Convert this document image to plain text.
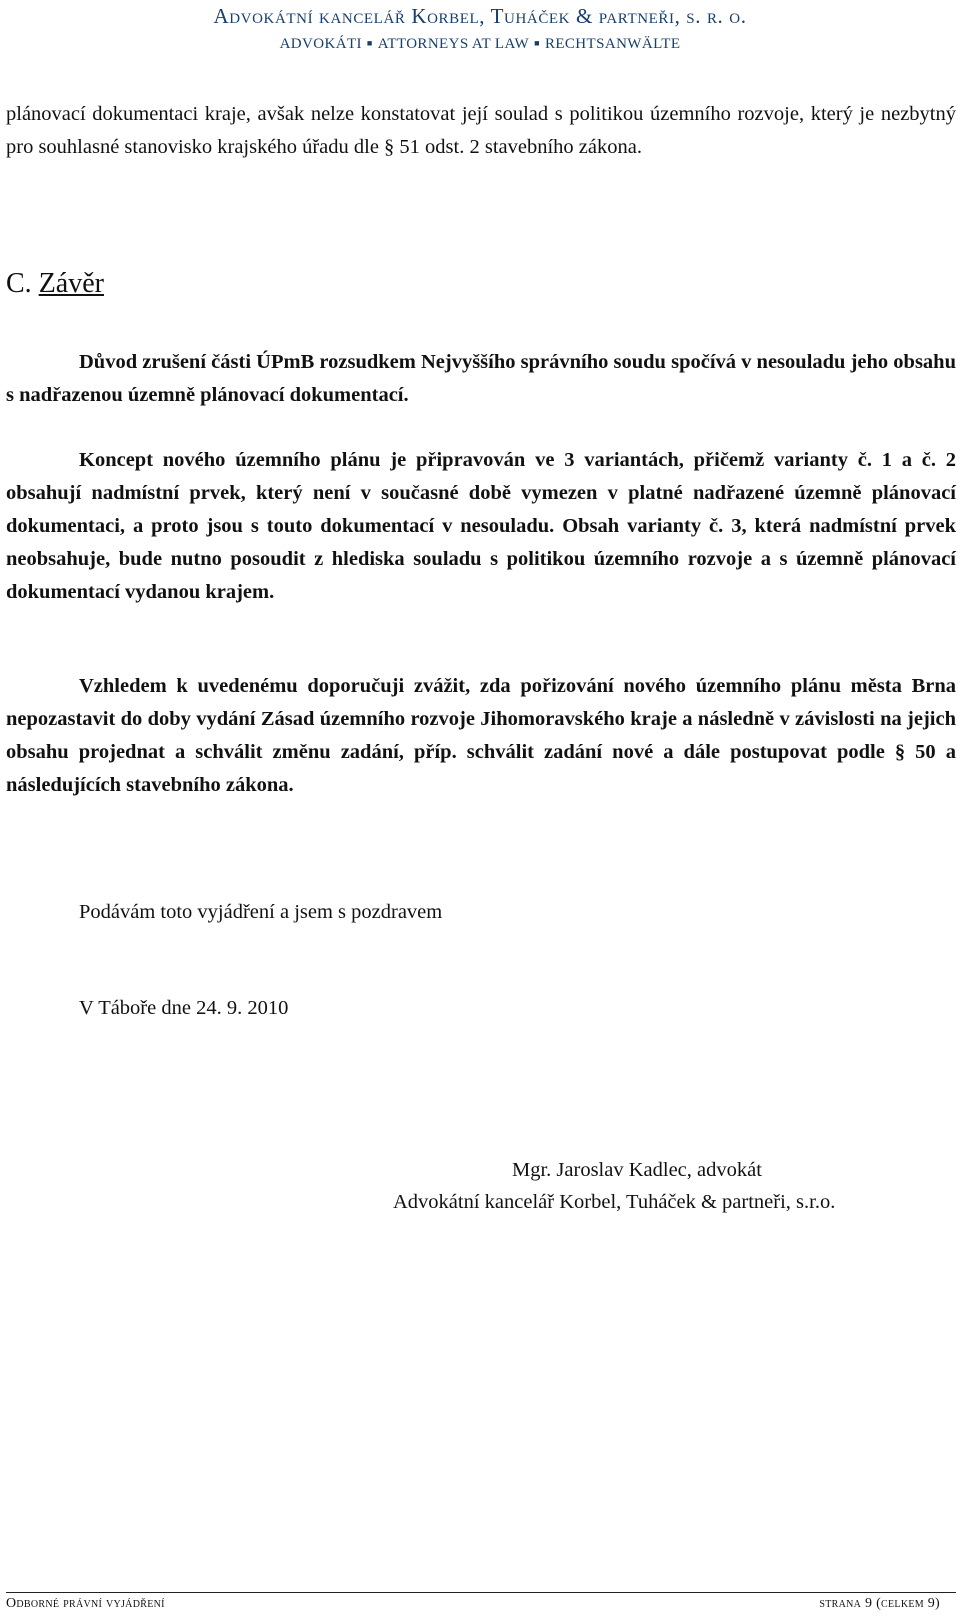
Advokátní kancelář Korbel, Tuháček & partneři, s. r. o.
ADVOKÁTI ■ ATTORNEYS AT LAW ■ RECHTSANWÄLTE

plánovací dokumentaci kraje, avšak nelze konstatovat její soulad s politikou územního rozvoje, který je nezbytný pro souhlasné stanovisko krajského úřadu dle § 51 odst. 2 stavebního zákona.

C. Závěr

Důvod zrušení části ÚPmB rozsudkem Nejvyššího správního soudu spočívá v nesouladu jeho obsahu s nadřazenou územně plánovací dokumentací.

Koncept nového územního plánu je připravován ve 3 variantách, přičemž varianty č. 1 a č. 2 obsahují nadmístní prvek, který není v současné době vymezen v platné nadřazené územně plánovací dokumentaci, a proto jsou s touto dokumentací v nesouladu. Obsah varianty č. 3, která nadmístní prvek neobsahuje, bude nutno posoudit z hlediska souladu s politikou územního rozvoje a s územně plánovací dokumentací vydanou krajem.

Vzhledem k uvedenému doporučuji zvážit, zda pořizování nového územního plánu města Brna nepozastavit do doby vydání Zásad územního rozvoje Jihomoravského kraje a následně v závislosti na jejich obsahu projednat a schválit změnu zadání, příp. schválit zadání nové a dále postupovat podle § 50 a následujících stavebního zákona.

Podávám toto vyjádření a jsem s pozdravem
V Táboře dne 24. 9. 2010
Mgr. Jaroslav Kadlec, advokát
Advokátní kancelář Korbel, Tuháček & partneři, s.r.o.
Odborné právní vyjádření	strana 9 (celkem 9)
